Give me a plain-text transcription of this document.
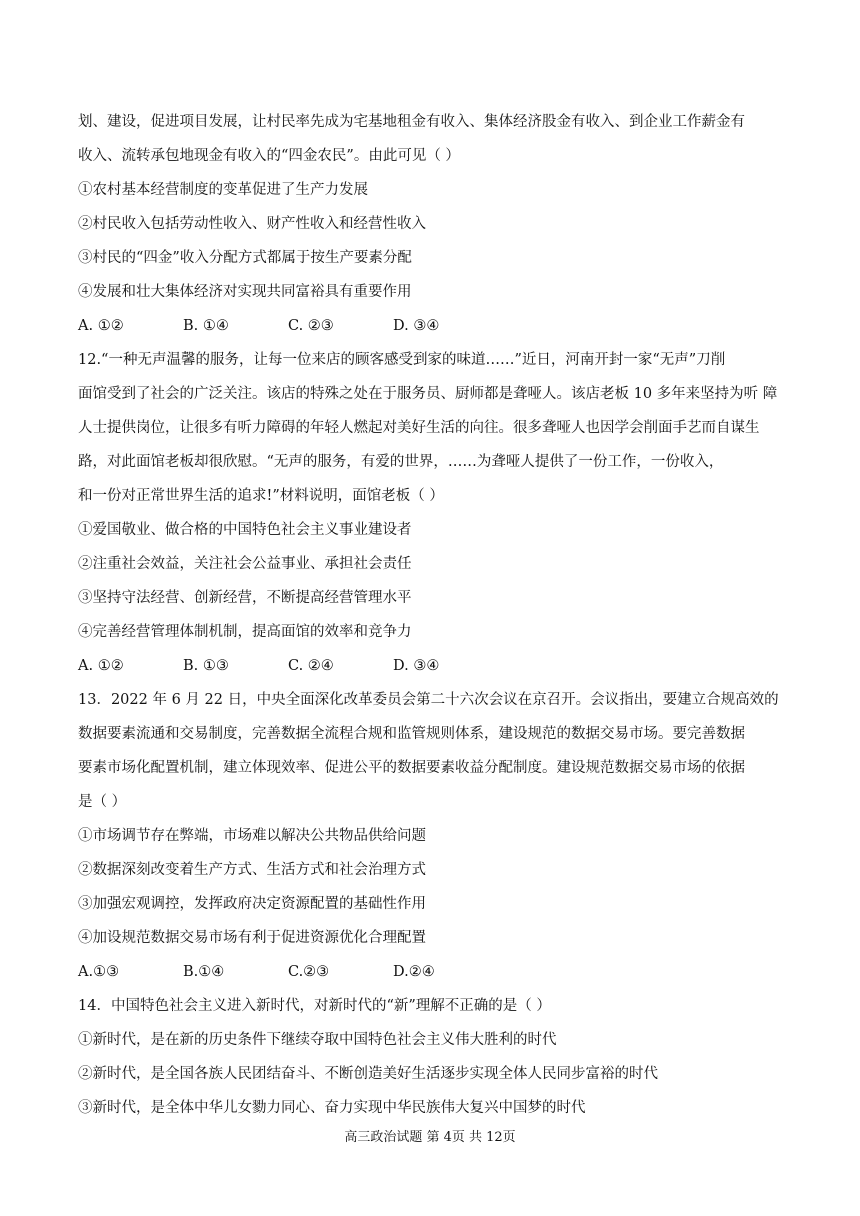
划、建设，促进项目发展，让村民率先成为宅基地租金有收入、集体经济股金有收入、到企业工作薪金有
收入、流转承包地现金有收入的“四金农民”。由此可见（ ）
①农村基本经营制度的变革促进了生产力发展
②村民收入包括劳动性收入、财产性收入和经营性收入
③村民的“四金”收入分配方式都属于按生产要素分配
④发展和壮大集体经济对实现共同富裕具有重要作用
A. ①②	B. ①④	C. ②③	D. ③④
12.“一种无声温馨的服务，让每一位来店的顾客感受到家的味道……”近日，河南开封一家“无声”刀削
面馆受到了社会的广泛关注。该店的特殊之处在于服务员、厨师都是聋哑人。该店老板 10 多年来坚持为听 障
人士提供岗位，让很多有听力障碍的年轻人燃起对美好生活的向往。很多聋哑人也因学会削面手艺而自谋生
路，对此面馆老板却很欣慰。“无声的服务，有爱的世界，……为聋哑人提供了一份工作，一份收入，
和一份对正常世界生活的追求!”材料说明，面馆老板（ ）
①爱国敬业、做合格的中国特色社会主义事业建设者
②注重社会效益，关注社会公益事业、承担社会责任
③坚持守法经营、创新经营，不断提高经营管理水平
④完善经营管理体制机制，提高面馆的效率和竞争力
A. ①②	B. ①③	C. ②④	D. ③④
13．2022 年 6 月 22 日，中央全面深化改革委员会第二十六次会议在京召开。会议指出，要建立合规高效的
数据要素流通和交易制度，完善数据全流程合规和监管规则体系，建设规范的数据交易市场。要完善数据
要素市场化配置机制，建立体现效率、促进公平的数据要素收益分配制度。建设规范数据交易市场的依据
是（ ）
①市场调节存在弊端，市场难以解决公共物品供给问题
②数据深刻改变着生产方式、生活方式和社会治理方式
③加强宏观调控，发挥政府决定资源配置的基础性作用
④加设规范数据交易市场有利于促进资源优化合理配置
A.①③	B.①④	C.②③	D.②④
14．中国特色社会主义进入新时代，对新时代的“新”理解不正确的是（ ）
①新时代，是在新的历史条件下继续夺取中国特色社会主义伟大胜利的时代
②新时代，是全国各族人民团结奋斗、不断创造美好生活逐步实现全体人民同步富裕的时代
③新时代，是全体中华儿女勠力同心、奋力实现中华民族伟大复兴中国梦的时代
高三政治试题 第 4页 共 12页
